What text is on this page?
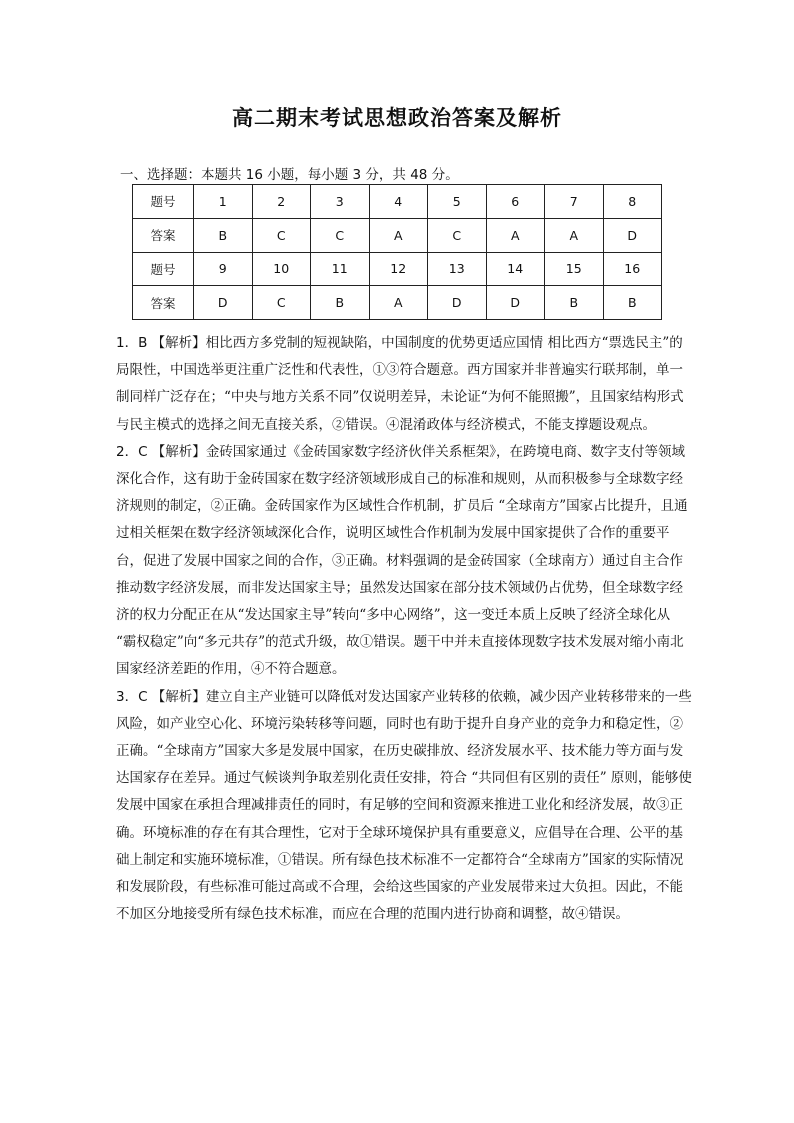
高二期末考试思想政治答案及解析
一、选择题：本题共 16 小题，每小题 3 分，共 48 分。
题号	1	2	3	4	5	6	7	8
答案	B	C	C	A	C	A	A	D
题号	9	10	11	12	13	14	15	16
答案	D	C	B	A	D	D	B	B
1．B 【解析】相比西方多党制的短视缺陷，中国制度的优势更适应国情 相比西方“票选民主”的局限性，中国选举更注重广泛性和代表性，①③符合题意。西方国家并非普遍实行联邦制，单一制同样广泛存在；“中央与地方关系不同”仅说明差异，未论证“为何不能照搬”，且国家结构形式与民主模式的选择之间无直接关系，②错误。④混淆政体与经济模式，不能支撑题设观点。
2．C 【解析】金砖国家通过《金砖国家数字经济伙伴关系框架》，在跨境电商、数字支付等领域深化合作，这有助于金砖国家在数字经济领域形成自己的标准和规则，从而积极参与全球数字经济规则的制定，②正确。金砖国家作为区域性合作机制，扩员后 “全球南方”国家占比提升，且通过相关框架在数字经济领域深化合作，说明区域性合作机制为发展中国家提供了合作的重要平台，促进了发展中国家之间的合作，③正确。材料强调的是金砖国家（全球南方）通过自主合作推动数字经济发展，而非发达国家主导；虽然发达国家在部分技术领域仍占优势，但全球数字经济的权力分配正在从“发达国家主导”转向“多中心网络”，这一变迁本质上反映了经济全球化从 “霸权稳定”向“多元共存”的范式升级，故①错误。题干中并未直接体现数字技术发展对缩小南北国家经济差距的作用，④不符合题意。
3．C 【解析】建立自主产业链可以降低对发达国家产业转移的依赖，减少因产业转移带来的一些风险，如产业空心化、环境污染转移等问题，同时也有助于提升自身产业的竞争力和稳定性，②正确。“全球南方”国家大多是发展中国家，在历史碳排放、经济发展水平、技术能力等方面与发达国家存在差异。通过气候谈判争取差别化责任安排，符合 “共同但有区别的责任” 原则，能够使发展中国家在承担合理减排责任的同时，有足够的空间和资源来推进工业化和经济发展，故③正确。环境标准的存在有其合理性，它对于全球环境保护具有重要意义，应倡导在合理、公平的基础上制定和实施环境标准，①错误。所有绿色技术标准不一定都符合“全球南方”国家的实际情况和发展阶段，有些标准可能过高或不合理，会给这些国家的产业发展带来过大负担。因此，不能不加区分地接受所有绿色技术标准，而应在合理的范围内进行协商和调整，故④错误。
